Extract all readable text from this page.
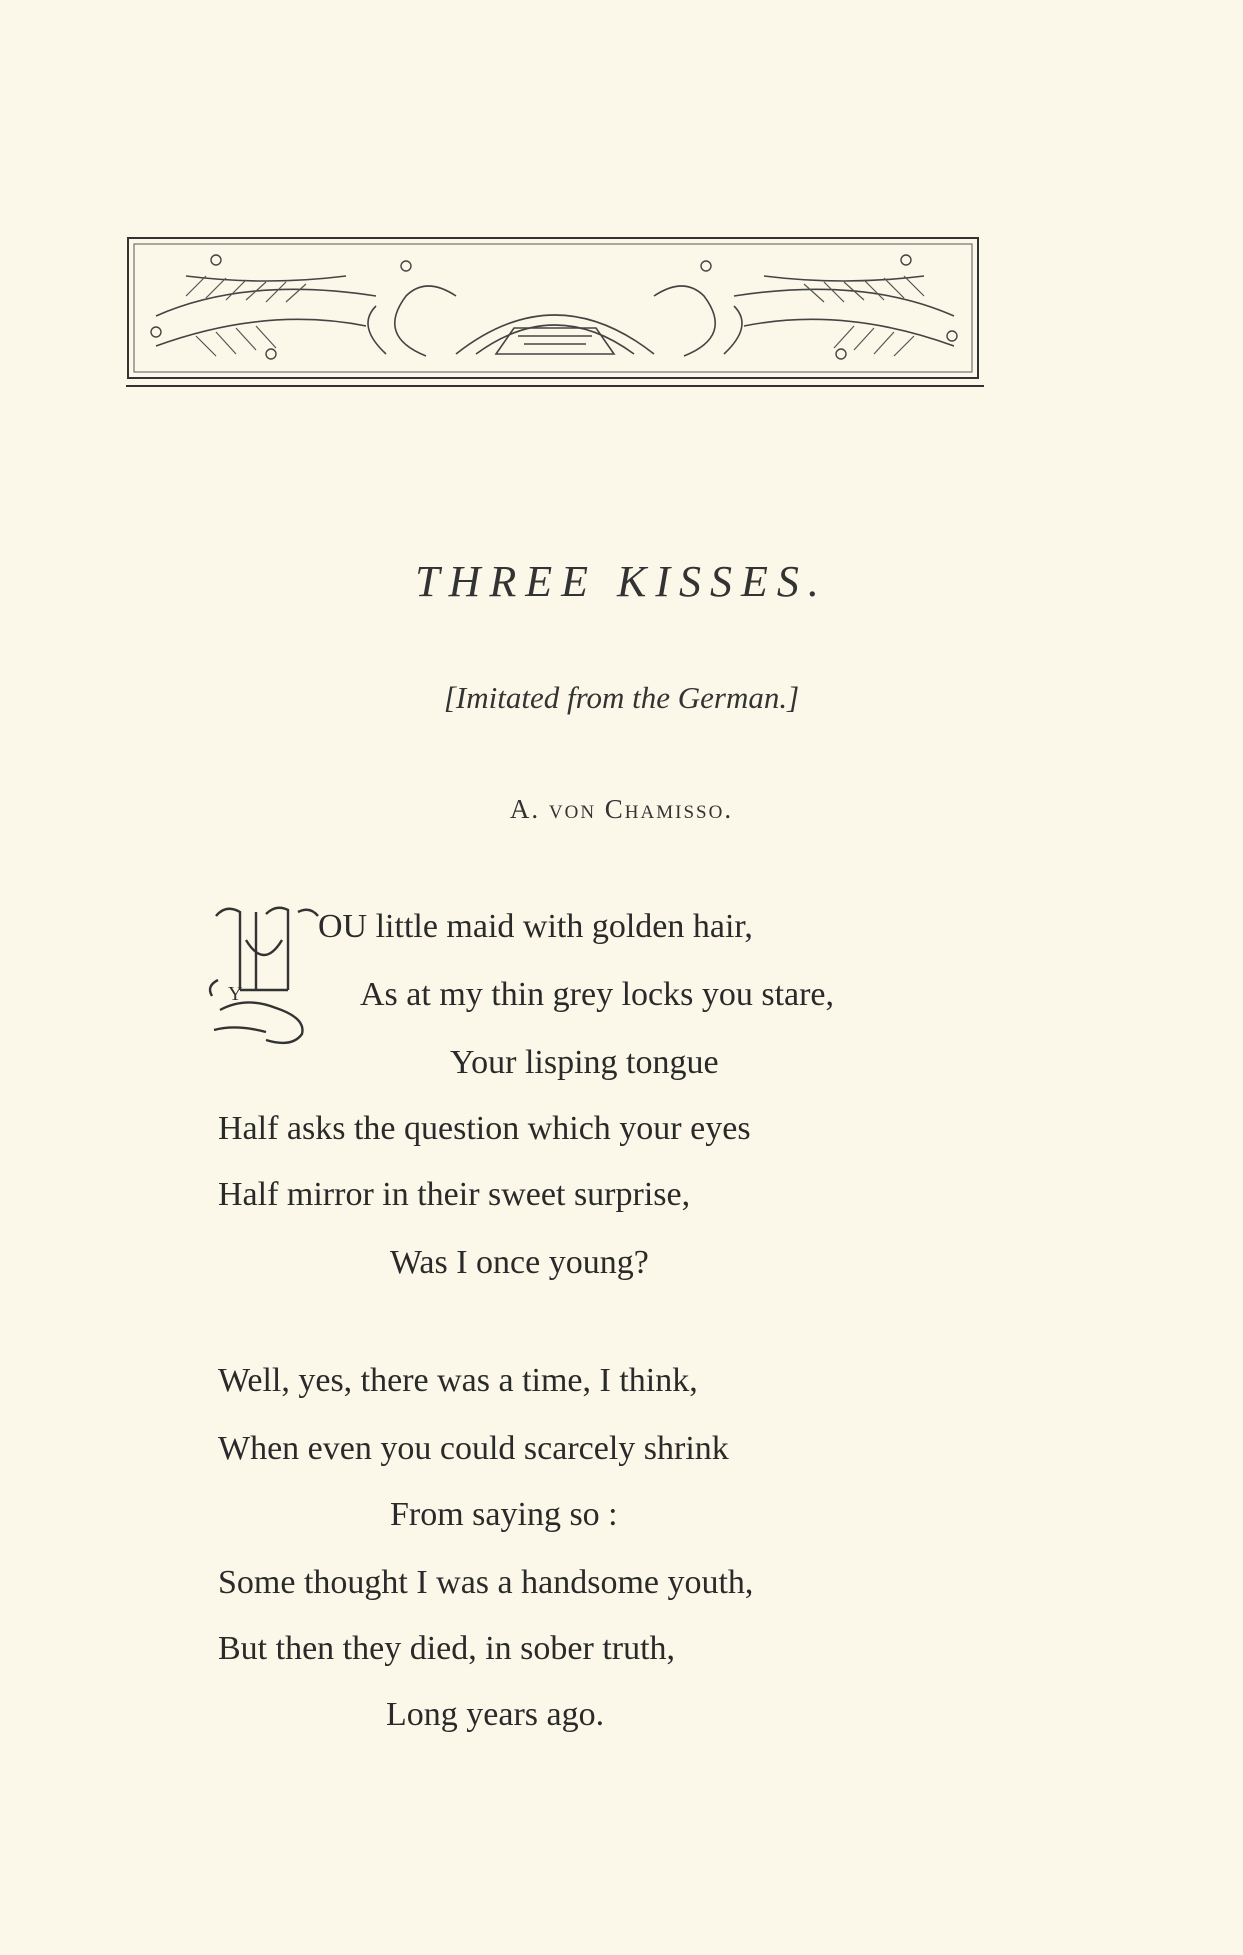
THREE KISSES.
[Imitated from the German.]
A. von Chamisso.
Y
OU little maid with golden hair,
As at my thin grey locks you stare,
Your lisping tongue
Half asks the question which your eyes
Half mirror in their sweet surprise,
Was I once young?
Well, yes, there was a time, I think,
When even you could scarcely shrink
From saying so :
Some thought I was a handsome youth,
But then they died, in sober truth,
Long years ago.
